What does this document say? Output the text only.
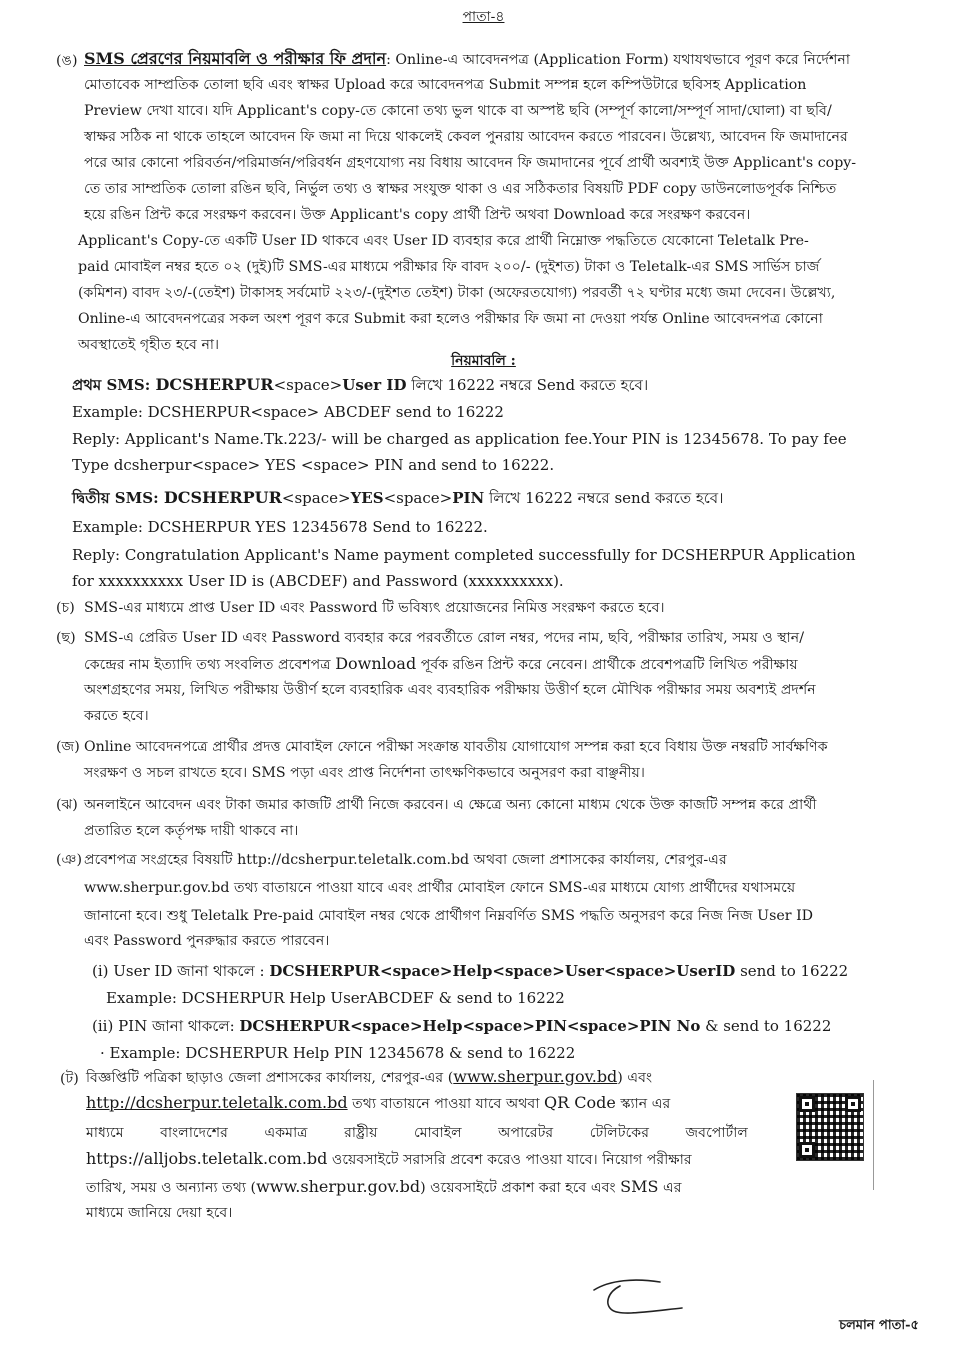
পাতা-৪
(ঙ) SMS প্রেরণের নিয়মাবলি ও পরীক্ষার ফি প্রদান: Online-এ আবেদনপত্র (Application Form) যথাযথভাবে পূরণ করে নির্দেশনা
মোতাবেক সাম্প্রতিক তোলা ছবি এবং স্বাক্ষর Upload করে আবেদনপত্র Submit সম্পন্ন হলে কম্পিউটারে ছবিসহ Application
Preview দেখা যাবে। যদি Applicant's copy-তে কোনো তথ্য ভুল থাকে বা অস্পষ্ট ছবি (সম্পূর্ণ কালো/সম্পূর্ণ সাদা/ঘোলা) বা ছবি/
স্বাক্ষর সঠিক না থাকে তাহলে আবেদন ফি জমা না দিয়ে থাকলেই কেবল পুনরায় আবেদন করতে পারবেন। উল্লেখ্য, আবেদন ফি জমাদানের
পরে আর কোনো পরিবর্তন/পরিমার্জন/পরিবর্ধন গ্রহণযোগ্য নয় বিধায় আবেদন ফি জমাদানের পূর্বে প্রার্থী অবশ্যই উক্ত Applicant's copy-
তে তার সাম্প্রতিক তোলা রঙিন ছবি, নির্ভুল তথ্য ও স্বাক্ষর সংযুক্ত থাকা ও এর সঠিকতার বিষয়টি PDF copy ডাউনলোডপূর্বক নিশ্চিত
হয়ে রঙিন প্রিন্ট করে সংরক্ষণ করবেন। উক্ত Applicant's copy প্রার্থী প্রিন্ট অথবা Download করে সংরক্ষণ করবেন।
Applicant's Copy-তে একটি User ID থাকবে এবং User ID ব্যবহার করে প্রার্থী নিম্নোক্ত পদ্ধতিতে যেকোনো Teletalk Pre-
paid মোবাইল নম্বর হতে ০২ (দুই)টি SMS-এর মাধ্যমে পরীক্ষার ফি বাবদ ২০০/- (দুইশত) টাকা ও Teletalk-এর SMS সার্ভিস চার্জ
(কমিশন) বাবদ ২৩/-(তেইশ) টাকাসহ সর্বমোট ২২৩/-(দুইশত তেইশ) টাকা (অফেরতযোগ্য) পরবর্তী ৭২ ঘণ্টার মধ্যে জমা দেবেন। উল্লেখ্য,
Online-এ আবেদনপত্রের সকল অংশ পূরণ করে Submit করা হলেও পরীক্ষার ফি জমা না দেওয়া পর্যন্ত Online আবেদনপত্র কোনো
অবস্থাতেই গৃহীত হবে না।
নিয়মাবলি :
প্রথম SMS: DCSHERPUR<space>User ID লিখে 16222 নম্বরে Send করতে হবে।
Example: DCSHERPUR<space> ABCDEF send to 16222
Reply: Applicant's Name.Tk.223/- will be charged as application fee.Your PIN is 12345678. To pay fee
Type dcsherpur<space> YES <space> PIN and send to 16222.
দ্বিতীয় SMS: DCSHERPUR<space>YES<space>PIN লিখে 16222 নম্বরে send করতে হবে।
Example: DCSHERPUR YES 12345678 Send to 16222.
Reply: Congratulation Applicant's Name payment completed successfully for DCSHERPUR Application
for xxxxxxxxxx User ID is (ABCDEF) and Password (xxxxxxxxxx).
(চ) SMS-এর মাধ্যমে প্রাপ্ত User ID এবং Password টি ভবিষ্যৎ প্রয়োজনের নিমিত্ত সংরক্ষণ করতে হবে।
(ছ) SMS-এ প্রেরিত User ID এবং Password ব্যবহার করে পরবর্তীতে রোল নম্বর, পদের নাম, ছবি, পরীক্ষার তারিখ, সময় ও স্থান/
কেন্দ্রের নাম ইত্যাদি তথ্য সংবলিত প্রবেশপত্র Download পূর্বক রঙিন প্রিন্ট করে নেবেন। প্রার্থীকে প্রবেশপত্রটি লিখিত পরীক্ষায়
অংশগ্রহণের সময়, লিখিত পরীক্ষায় উত্তীর্ণ হলে ব্যবহারিক এবং ব্যবহারিক পরীক্ষায় উত্তীর্ণ হলে মৌখিক পরীক্ষার সময় অবশ্যই প্রদর্শন
করতে হবে।
(জ) Online আবেদনপত্রে প্রার্থীর প্রদত্ত মোবাইল ফোনে পরীক্ষা সংক্রান্ত যাবতীয় যোগাযোগ সম্পন্ন করা হবে বিধায় উক্ত নম্বরটি সার্বক্ষণিক
সংরক্ষণ ও সচল রাখতে হবে। SMS পড়া এবং প্রাপ্ত নির্দেশনা তাৎক্ষণিকভাবে অনুসরণ করা বাঞ্ছনীয়।
(ঝ) অনলাইনে আবেদন এবং টাকা জমার কাজটি প্রার্থী নিজে করবেন। এ ক্ষেত্রে অন্য কোনো মাধ্যম থেকে উক্ত কাজটি সম্পন্ন করে প্রার্থী
প্রতারিত হলে কর্তৃপক্ষ দায়ী থাকবে না।
(ঞ) প্রবেশপত্র সংগ্রহের বিষয়টি http://dcsherpur.teletalk.com.bd অথবা জেলা প্রশাসকের কার্যালয়, শেরপুর-এর
www.sherpur.gov.bd তথ্য বাতায়নে পাওয়া যাবে এবং প্রার্থীর মোবাইল ফোনে SMS-এর মাধ্যমে যোগ্য প্রার্থীদের যথাসময়ে
জানানো হবে। শুধু Teletalk Pre-paid মোবাইল নম্বর থেকে প্রার্থীগণ নিম্নবর্ণিত SMS পদ্ধতি অনুসরণ করে নিজ নিজ User ID
এবং Password পুনরুদ্ধার করতে পারবেন।
(i) User ID জানা থাকলে : DCSHERPUR<space>Help<space>User<space>UserID send to 16222
Example: DCSHERPUR Help UserABCDEF & send to 16222
(ii) PIN জানা থাকলে: DCSHERPUR<space>Help<space>PIN<space>PIN No & send to 16222
· Example: DCSHERPUR Help PIN 12345678 & send to 16222
(ট) বিজ্ঞপ্তিটি পত্রিকা ছাড়াও জেলা প্রশাসকের কার্যালয়, শেরপুর-এর (www.sherpur.gov.bd) এবং
http://dcsherpur.teletalk.com.bd তথ্য বাতায়নে পাওয়া যাবে অথবা QR Code স্ক্যান এর
মাধ্যমে	বাংলাদেশের	একমাত্র	রাষ্ট্রীয়	মোবাইল	অপারেটর	টেলিটকের	জবপোর্টাল
https://alljobs.teletalk.com.bd ওয়েবসাইটে সরাসরি প্রবেশ করেও পাওয়া যাবে। নিয়োগ পরীক্ষার
তারিখ, সময় ও অন্যান্য তথ্য (www.sherpur.gov.bd) ওয়েবসাইটে প্রকাশ করা হবে এবং SMS এর
মাধ্যমে জানিয়ে দেয়া হবে।
চলমান পাতা-৫
